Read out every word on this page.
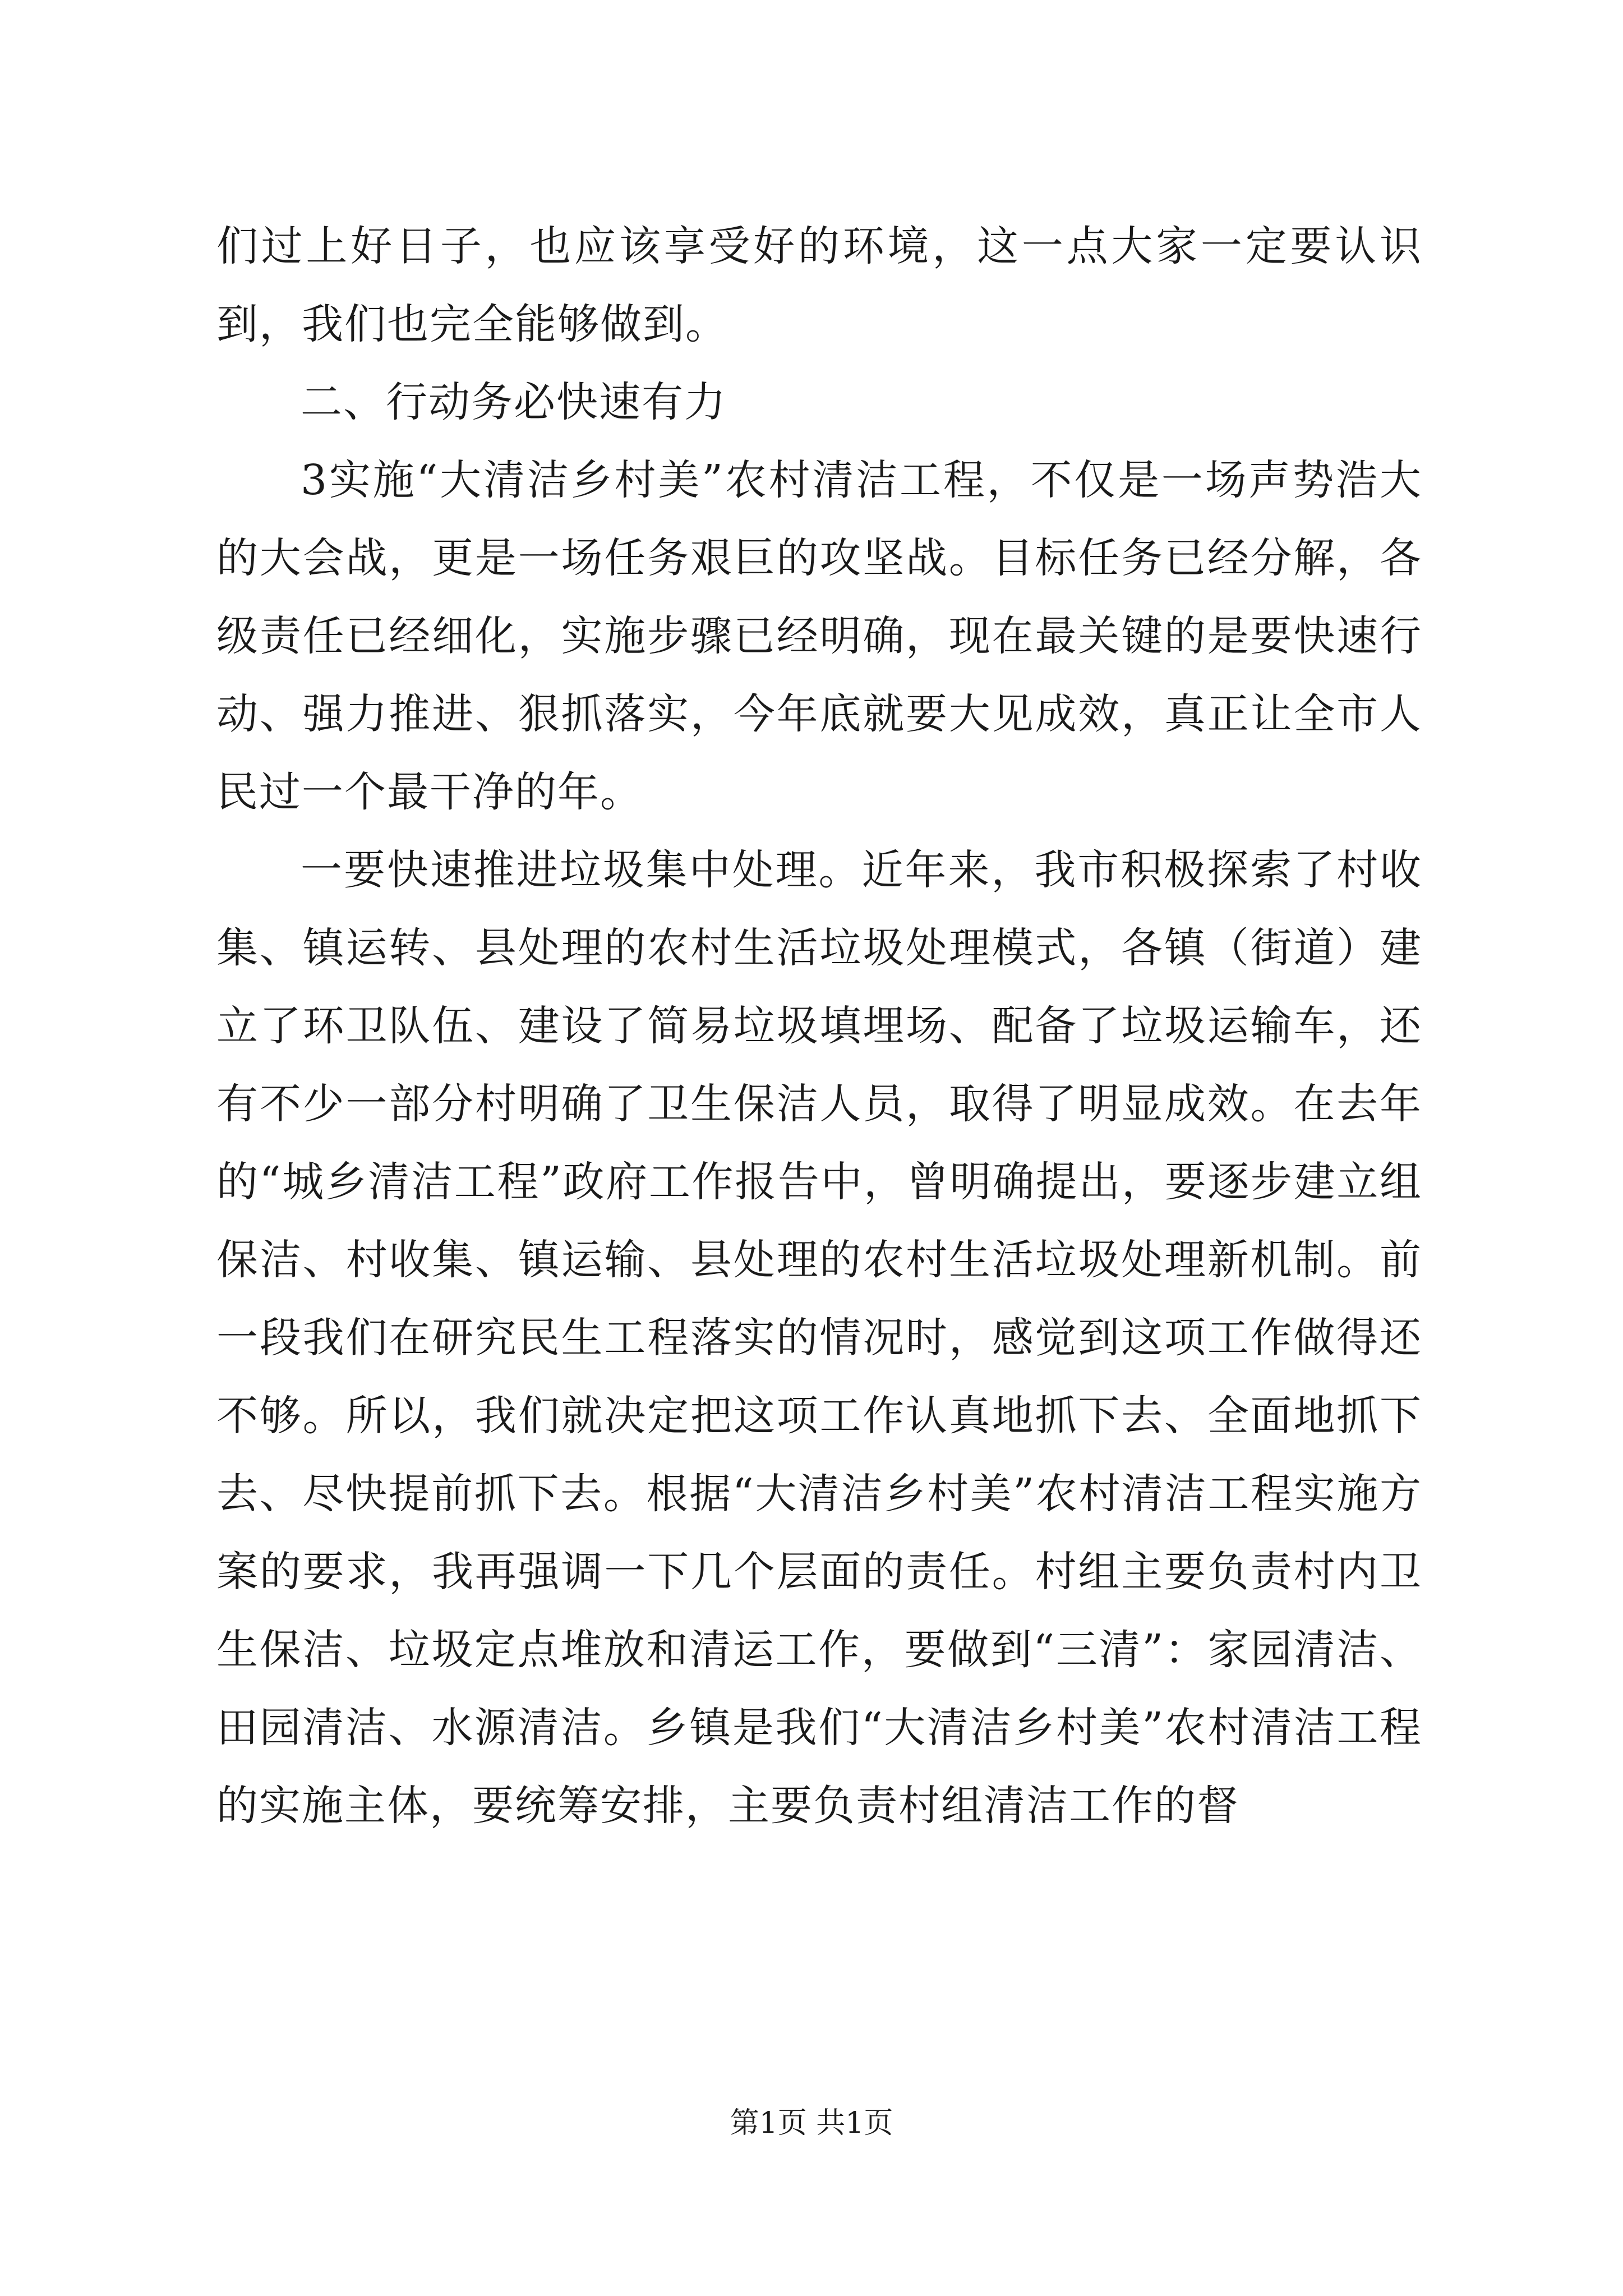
们过上好日子，也应该享受好的环境，这一点大家一定要认识到，我们也完全能够做到。

二、行动务必快速有力

3实施“大清洁乡村美”农村清洁工程，不仅是一场声势浩大的大会战，更是一场任务艰巨的攻坚战。目标任务已经分解，各级责任已经细化，实施步骤已经明确，现在最关键的是要快速行动、强力推进、狠抓落实，今年底就要大见成效，真正让全市人民过一个最干净的年。

一要快速推进垃圾集中处理。近年来，我市积极探索了村收集、镇运转、县处理的农村生活垃圾处理模式，各镇（街道）建立了环卫队伍、建设了简易垃圾填埋场、配备了垃圾运输车，还有不少一部分村明确了卫生保洁人员，取得了明显成效。在去年的“城乡清洁工程”政府工作报告中，曾明确提出，要逐步建立组保洁、村收集、镇运输、县处理的农村生活垃圾处理新机制。前一段我们在研究民生工程落实的情况时，感觉到这项工作做得还不够。所以，我们就决定把这项工作认真地抓下去、全面地抓下去、尽快提前抓下去。根据“大清洁乡村美”农村清洁工程实施方案的要求，我再强调一下几个层面的责任。村组主要负责村内卫生保洁、垃圾定点堆放和清运工作，要做到“三清”：家园清洁、田园清洁、水源清洁。乡镇是我们“大清洁乡村美”农村清洁工程的实施主体，要统筹安排，主要负责村组清洁工作的督

第1页 共1页
